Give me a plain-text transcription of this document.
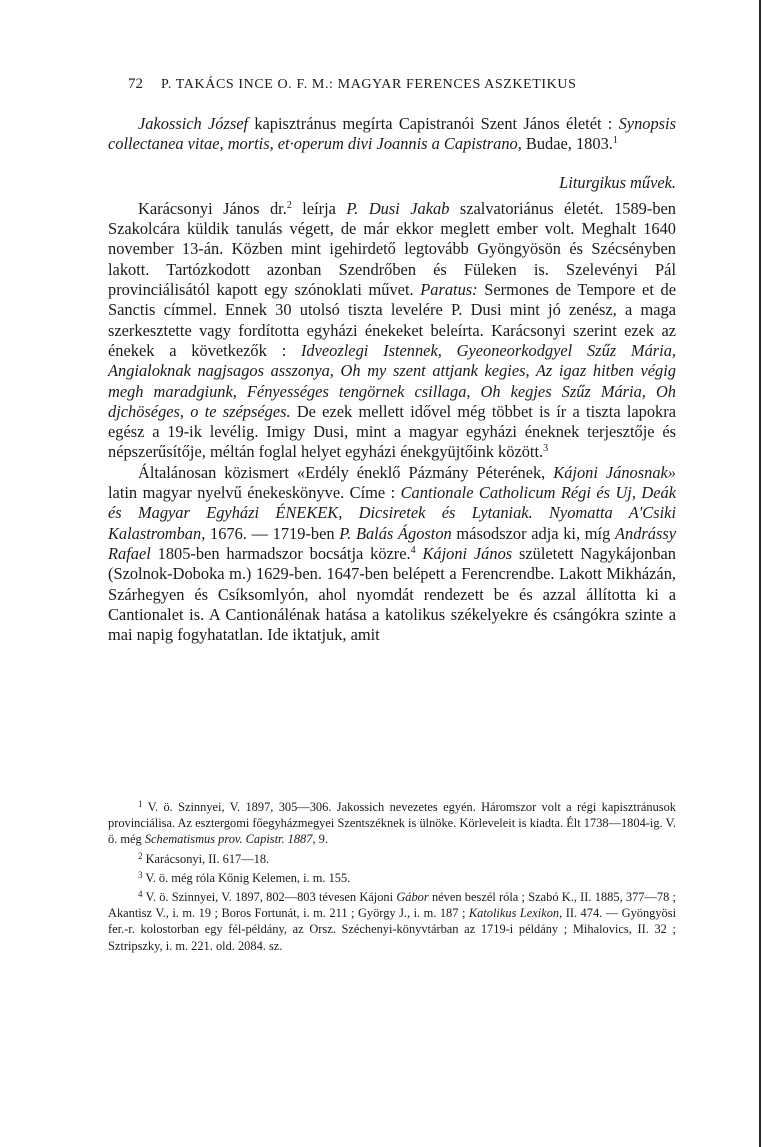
72 P. TAKÁCS INCE O. F. M.: MAGYAR FERENCES ASZKETIKUS

Jakossich József kapisztránus megírta Capistranói Szent János életét : Synopsis collectanea vitae, mortis, et·operum divi Joannis a Capistrano, Budae, 1803.$^1$

Liturgikus művek.

Karácsonyi János dr.$^2$ leírja P. Dusi Jakab szalvatoriánus életét. 1589-ben Szakolcára küldik tanulás végett, de már ekkor meglett ember volt. Meghalt 1640 november 13-án. Közben mint igehirdető legtovább Gyöngyösön és Szécsényben lakott. Tartózkodott azonban Szendrőben és Füleken is. Szelevényi Pál provinciálisától kapott egy szónoklati művet. Paratus: Sermones de Tempore et de Sanctis címmel. Ennek 30 utolsó tiszta levelére P. Dusi mint jó zenész, a maga szerkesztette vagy fordította egyházi énekeket beleírta. Karácsonyi szerint ezek az énekek a következők : Idveozlegi Istennek, Gyeoneorkodgyel Szűz Mária, Angialoknak nagjsagos asszonya, Oh my szent attjank kegies, Az igaz hitben végig megh maradgiunk, Fényességes tengörnek csillaga, Oh kegjes Szűz Mária, Oh djchöséges, o te szépséges. De ezek mellett idővel még többet is ír a tiszta lapokra egész a 19-ik levélig. Imigy Dusi, mint a magyar egyházi éneknek terjesztője és népszerűsítője, méltán foglal helyet egyházi énekgyüjtőink között.$^3$

Általánosan közismert «Erdély éneklő Pázmány Péterének, Kájoni Jánosnak» latin magyar nyelvű énekeskönyve. Címe : Cantionale Catholicum Régi és Uj, Deák és Magyar Egyházi ÉNEKEK, Dicsiretek és Lytaniak. Nyomatta A'Csiki Kalastromban, 1676. — 1719-ben P. Balás Ágoston másodszor adja ki, míg Andrássy Rafael 1805-ben harmadszor bocsátja közre.$^4$ Kájoni János született Nagykájonban (Szolnok-Doboka m.) 1629-ben. 1647-ben belépett a Ferencrendbe. Lakott Mikházán, Szárhegyen és Csíksomlyón, ahol nyomdát rendezett be és azzal állította ki a Cantionalet is. A Cantionálénak hatása a katolikus székelyekre és csángókra szinte a mai napig fogyhatatlan. Ide iktatjuk, amit

$^1$ V. ö. Szinnyei, V. 1897, 305—306. Jakossich nevezetes egyén. Háromszor volt a régi kapisztránusok provinciálisa. Az esztergomi főegyházmegyei Szentszéknek is ülnöke. Körleveleit is kiadta. Élt 1738—1804-ig. V. ö. még Schematismus prov. Capistr. 1887, 9.

$^2$ Karácsonyi, II. 617—18.

$^3$ V. ö. még róla Kőnig Kelemen, i. m. 155.

$^4$ V. ö. Szinnyei, V. 1897, 802—803 tévesen Kájoni Gábor néven beszél róla ; Szabó K., II. 1885, 377—78 ; Akantisz V., i. m. 19 ; Boros Fortunát, i. m. 211 ; György J., i. m. 187 ; Katolikus Lexikon, II. 474. — Gyöngyösi fer.-r. kolostorban egy fél-példány, az Orsz. Széchenyi-könyvtárban az 1719-i példány ; Mihalovics, II. 32 ; Sztripszky, i. m. 221. old. 2084. sz.
